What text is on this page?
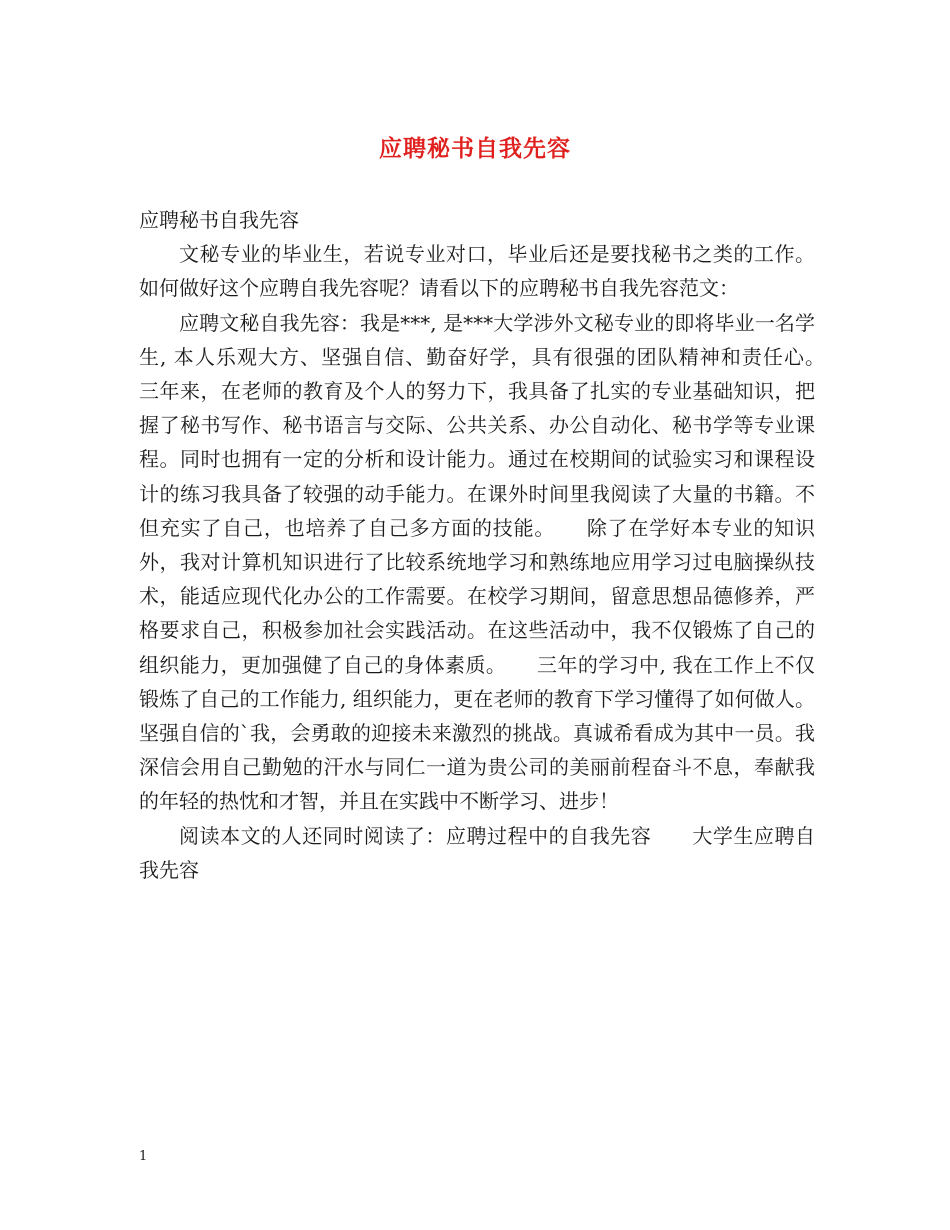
应聘秘书自我先容

应聘秘书自我先容

文秘专业的毕业生，若说专业对口，毕业后还是要找秘书之类的工作。如何做好这个应聘自我先容呢？请看以下的应聘秘书自我先容范文：

应聘文秘自我先容：我是***, 是***大学涉外文秘专业的即将毕业一名学生, 本人乐观大方、坚强自信、勤奋好学，具有很强的团队精神和责任心。　　三年来，在老师的教育及个人的努力下，我具备了扎实的专业基础知识，把握了秘书写作、秘书语言与交际、公共关系、办公自动化、秘书学等专业课程。同时也拥有一定的分析和设计能力。通过在校期间的试验实习和课程设计的练习我具备了较强的动手能力。在课外时间里我阅读了大量的书籍。不但充实了自己，也培养了自己多方面的技能。　　除了在学好本专业的知识外，我对计算机知识进行了比较系统地学习和熟练地应用学习过电脑操纵技术，能适应现代化办公的工作需要。在校学习期间，留意思想品德修养，严格要求自己，积极参加社会实践活动。在这些活动中，我不仅锻炼了自己的组织能力，更加强健了自己的身体素质。　　三年的学习中, 我在工作上不仅锻炼了自己的工作能力, 组织能力，更在老师的教育下学习懂得了如何做人。坚强自信的`我，会勇敢的迎接未来激烈的挑战。真诚希看成为其中一员。我深信会用自己勤勉的汗水与同仁一道为贵公司的美丽前程奋斗不息，奉献我的年轻的热忱和才智，并且在实践中不断学习、进步！

阅读本文的人还同时阅读了：应聘过程中的自我先容　　大学生应聘自我先容

1
